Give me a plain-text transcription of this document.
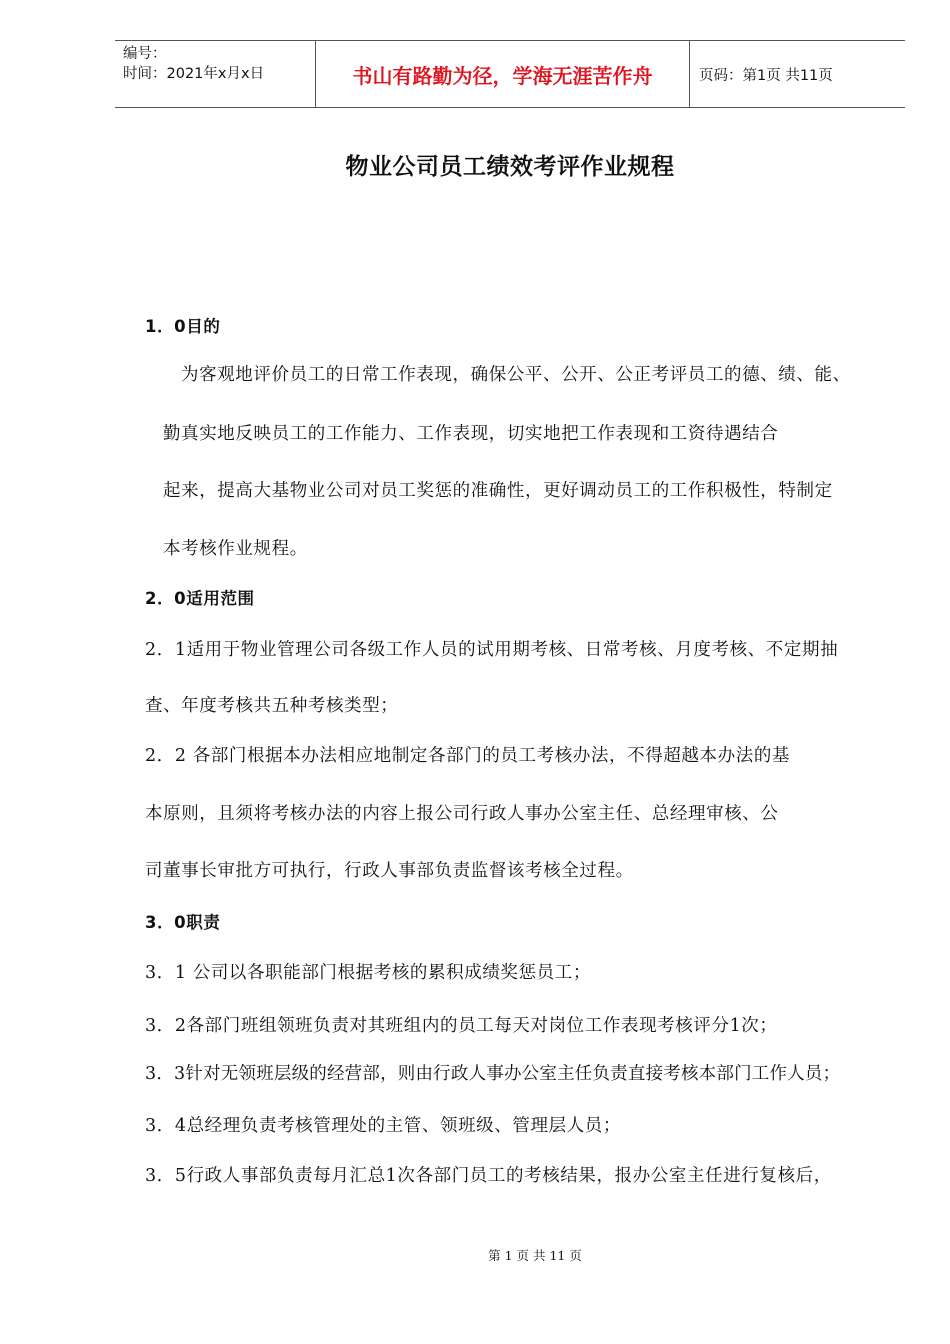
编号：
时间：2021年x月x日	书山有路勤为径，学海无涯苦作舟	页码：第1页 共11页
物业公司员工绩效考评作业规程
1．0目的
为客观地评价员工的日常工作表现，确保公平、公开、公正考评员工的德、绩、能、
勤真实地反映员工的工作能力、工作表现，切实地把工作表现和工资待遇结合
起来，提高大基物业公司对员工奖惩的准确性，更好调动员工的工作积极性，特制定
本考核作业规程。
2．0适用范围
2．1适用于物业管理公司各级工作人员的试用期考核、日常考核、月度考核、不定期抽
查、年度考核共五种考核类型；
2．2 各部门根据本办法相应地制定各部门的员工考核办法，不得超越本办法的基
本原则，且须将考核办法的内容上报公司行政人事办公室主任、总经理审核、公
司董事长审批方可执行，行政人事部负责监督该考核全过程。
3．0职责
3．1 公司以各职能部门根据考核的累积成绩奖惩员工；
3．2各部门班组领班负责对其班组内的员工每天对岗位工作表现考核评分1次；
3．3针对无领班层级的经营部，则由行政人事办公室主任负责直接考核本部门工作人员；
3．4总经理负责考核管理处的主管、领班级、管理层人员；
3．5行政人事部负责每月汇总1次各部门员工的考核结果，报办公室主任进行复核后，
第 1 页 共 11 页
